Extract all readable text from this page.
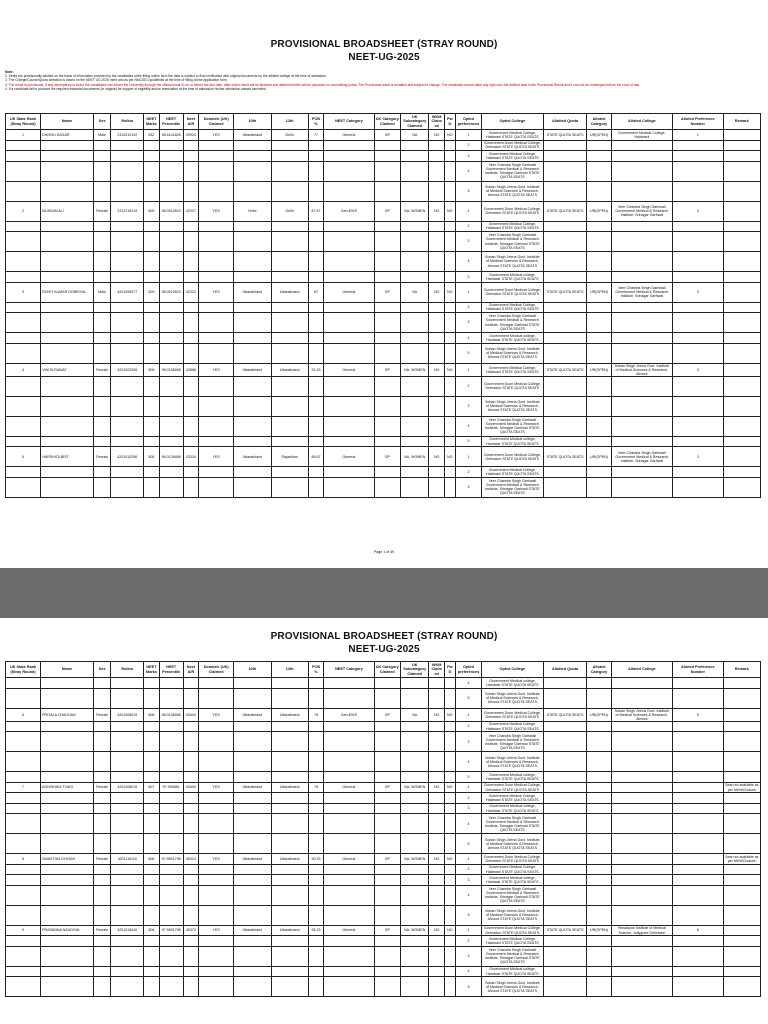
PROVISIONAL BROADSHEET (STRAY ROUND)
NEET-UG-2025
Note:
1. Seats are provisionally allotted on the basis of information provided by the candidates while filling online form the data is subject to final verification with original documents by the allotted college at the time of admission.
2. The College/Course/Quota selection is based on the NEET UG 2025 merit and as per NMC/DCI guidelines at the time of filling online application form.
3. The result is provisional. If any discrepancy is found the candidates can inform the University through the official email ID on or before the last date, after which result will be finalized and allotment letter will be uploaded on counselling portal. The Provisional result is tentative and subject to change. The candidate cannot claim any right over the allotted seat in the Provisional Result and it can not be challenged before the court of law.
4. If a candidate fail to produce the required essential documents (in original) for support of eligibility and/or reservation at the time of admission his/her admission stands cancelled.
UK State Rank (Stray Round)	Name	Sex	Rollno	NEET Marks	NEET Percentile	Neet AIR	Domicile (UK) Claimed	10th	12th	PCB %	NEET Category	UK Category Claimed	UK Subcategory Claimed	WKM Claimed	PwD	Opted preferences	Opted College	Allotted Quota	Alloted Category	Alloted College	Alloted Preference Number	Remark
1	DIKSHU DAGAR	Male	2312010192	532	98.6141826	29924	YES	Uttarakhand	Delhi	77	General	GP	NA	NO	NO	1	Government Medical College, Haldwani STATE QUOTA SEATS	STATE QUOTA SEATS	UR(OPEN)	Government Medical College, Haldwani	1	
																2	Government Doon Medical College, Dehradun STATE QUOTA SEATS					
																3	Government Medical College, Haldwani STATE QUOTA SEATS					
																4	Veer Chandra Singh Garhwali Government Medical & Research Institute, Srinagar Garhwal STATE QUOTA SEATS					
																5	Soban Singh Jeena Govt. Institute of Medical Sciences & Research, Almora STATE QUOTA SEATS					
2	MUSKAN ALI	Female	2312216219	509	98.0012823	42327	YES	Delhi	Delhi	87.67	Gen-EWS	GP	NA, WOMEN	NO	NO	1	Government Doon Medical College, Dehradun STATE QUOTA SEATS	STATE QUOTA SEATS	UR(OPEN)	Veer Chandra Singh Garhwali Government Medical & Research Institute, Srinagar Garhwal	3	
																2	Government Medical College, Haldwani STATE QUOTA SEATS					
																3	Veer Chandra Singh Garhwali Government Medical & Research Institute, Srinagar Garhwal STATE QUOTA SEATS					
																4	Soban Singh Jeena Govt. Institute of Medical Sciences & Research, Almora STATE QUOTA SEATS					
																5	Government Medical college, Haridwar STATE QUOTA SEATS					
3	ROHIT KUMAR DOBRIYAL	Male	4201006077	509	98.0012823	42322	YES	Uttarakhand	Uttarakhand	87	General	GP	NA	NO	NO	1	Government Doon Medical College, Dehradun STATE QUOTA SEATS	STATE QUOTA SEATS	UR(OPEN)	Veer Chandra Singh Garhwali Government Medical & Research Institute, Srinagar Garhwal	3	
																2	Government Medical College, Haldwani STATE QUOTA SEATS					
																3	Veer Chandra Singh Garhwali Government Medical & Research Institute, Srinagar Garhwal STATE QUOTA SEATS					
																4	Government Medical college, Haridwar STATE QUOTA SEATS					
																5	Soban Singh Jeena Govt. Institute of Medical Sciences & Research, Almora STATE QUOTA SEATS					
4	VINITA RAWAT	Female	4201002096	508	98.0138468	42888	YES	Uttarakhand	Uttarakhand	91.33	General	GP	NA, WOMEN	NO	NO	1	Government Medical College, Haldwani STATE QUOTA SEATS	STATE QUOTA SEATS	UR(OPEN)	Soban Singh Jeena Govt. Institute of Medical Sciences & Research, Almora	3	
																2	Government Doon Medical College, Dehradun STATE QUOTA SEATS					
																3	Soban Singh Jeena Govt. Institute of Medical Sciences & Research, Almora STATE QUOTA SEATS					
																4	Veer Chandra Singh Garhwali Government Medical & Research Institute, Srinagar Garhwal STATE QUOTA SEATS					
																5	Government Medical college, Haridwar STATE QUOTA SEATS					
5	HARSHITA BIST	Female	4201010256	508	98.0138468	43334	YES	Uttarakhand	Rajasthan	85.67	General	GP	NA, WOMEN	NO	NO	1	Government Doon Medical College, Dehradun STATE QUOTA SEATS	STATE QUOTA SEATS	UR(OPEN)	Veer Chandra Singh Garhwali Government Medical & Research Institute, Srinagar Garhwal	3	
																2	Government Medical College, Haldwani STATE QUOTA SEATS					
																3	Veer Chandra Singh Garhwali Government Medical & Research Institute, Srinagar Garhwal STATE QUOTA SEATS					
Page 1 of 49
PROVISIONAL BROADSHEET (STRAY ROUND)
NEET-UG-2025
UK State Rank (Stray Round)	Name	Sex	Rollno	NEET Marks	NEET Percentile	Neet AIR	Domicile (UK) Claimed	10th	12th	PCB %	NEET Category	UK Category Claimed	UK Subcategory Claimed	WKM Claimed	PwD	Opted preferences	Opted College	Allotted Quota	Alloted Category	Alloted College	Alloted Preference Number	Remark
																4	Government Medical college, Haridwar STATE QUOTA SEATS					
																5	Soban Singh Jeena Govt. Institute of Medical Sciences & Research, Almora STATE QUOTA SEATS					
6	PRIYALA CHAUHAN	Female	4201008015	508	98.0138468	43404	YES	Uttarakhand	Uttarakhand	78	Gen-EWS	GP	NA	NO	NO	1	Government Doon Medical College, Dehradun STATE QUOTA SEATS	STATE QUOTA SEATS	UR(OPEN)	Soban Singh Jeena Govt. Institute of Medical Sciences & Research, Almora	5	
																2	Government Medical College, Haldwani STATE QUOTA SEATS					
																3	Veer Chandra Singh Garhwali Government Medical & Research Institute, Srinagar Garhwal STATE QUOTA SEATS					
																4	Soban Singh Jeena Govt. Institute of Medical Sciences & Research, Almora STATE QUOTA SEATS					
																5	Government Medical college, Haridwar STATE QUOTA SEATS					
7	AGNISHIKA TYAGI	Female	4201108015	507	97.994881	43493	YES	Uttarakhand	Uttarakhand	78	General	GP	NA, WOMEN	NO	NO	1	Government Doon Medical College, Dehradun STATE QUOTA SEATS					Seat not available as per Merit/Choices
																2	Government Medical College, Haldwani STATE QUOTA SEATS					
																3	Government Medical college, Haridwar STATE QUOTA SEATS					
																4	Veer Chandra Singh Garhwali Government Medical & Research Institute, Srinagar Garhwal STATE QUOTA SEATS					
																5	Soban Singh Jeena Govt. Institute of Medical Sciences & Research, Almora STATE QUOTA SEATS					
8	SWASTIKA DHYANI	Female	4201116110	506	97.9591798	45313	YES	Uttarakhand	Uttarakhand	90.33	General	GP	NA, WOMEN	NO	NO	1	Government Doon Medical College, Dehradun STATE QUOTA SEATS					Seat not available as per Merit/Choices
																2	Government Medical College, Haldwani STATE QUOTA SEATS					
																3	Government Medical college, Haridwar STATE QUOTA SEATS					
																4	Veer Chandra Singh Garhwali Government Medical & Research Institute, Srinagar Garhwal STATE QUOTA SEATS					
																5	Soban Singh Jeena Govt. Institute of Medical Sciences & Research, Almora STATE QUOTA SEATS					
9	PRASANNA NAUDIYAL	Female	4201018040	506	97.9591798	45373	YES	Uttarakhand	Uttarakhand	95.33	General	GP	NA, WOMEN	NO	NO	1	Government Doon Medical College, Dehradun STATE QUOTA SEATS	STATE QUOTA SEATS	UR(OPEN)	Himalayan Institute of Medical Science, Jollygrant Dehradun	6	
																2	Government Medical College, Haldwani STATE QUOTA SEATS					
																3	Veer Chandra Singh Garhwali Government Medical & Research Institute, Srinagar Garhwal STATE QUOTA SEATS					
																4	Government Medical college, Haridwar STATE QUOTA SEATS					
																5	Soban Singh Jeena Govt. Institute of Medical Sciences & Research, Almora STATE QUOTA SEATS					
